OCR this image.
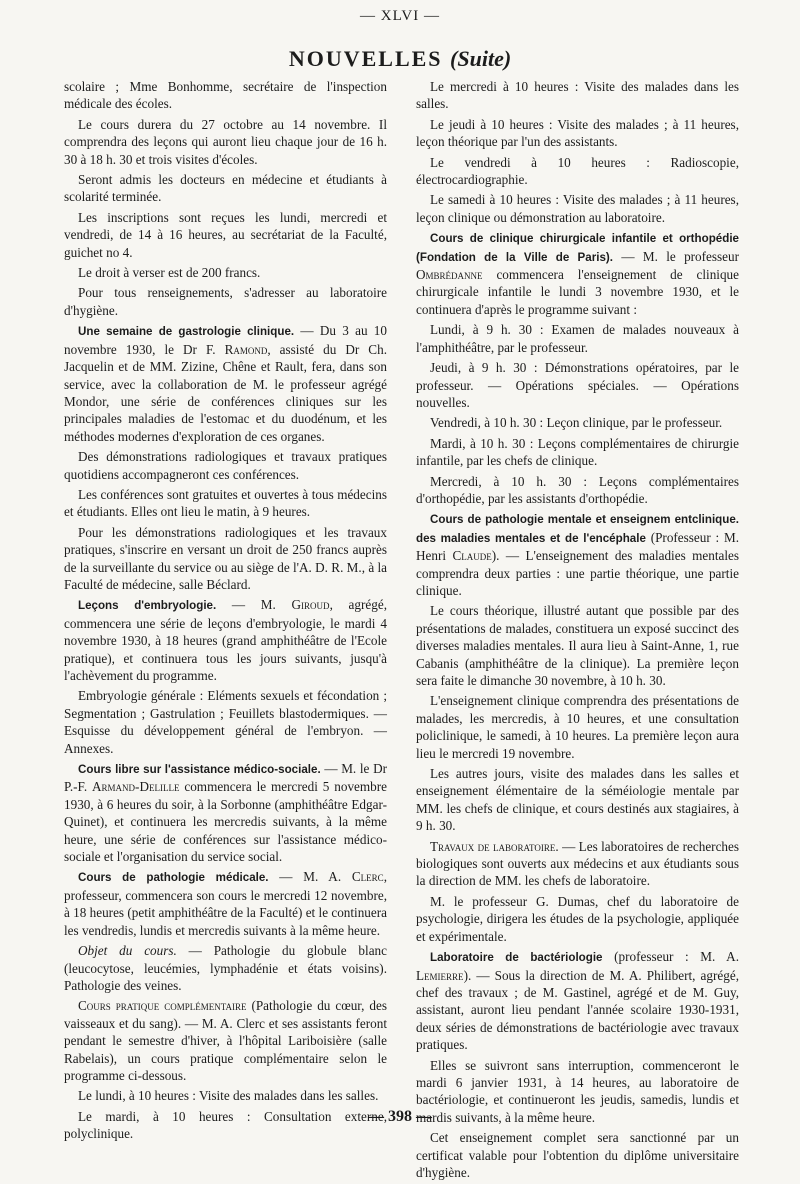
— XLVI —
NOUVELLES (Suite)

scolaire ; Mme Bonhomme, secrétaire de l'inspection médicale des écoles.

Le cours durera du 27 octobre au 14 novembre. Il comprendra des leçons qui auront lieu chaque jour de 16 h. 30 à 18 h. 30 et trois visites d'écoles.

Seront admis les docteurs en médecine et étudiants à scolarité terminée.

Les inscriptions sont reçues les lundi, mercredi et vendredi, de 14 à 16 heures, au secrétariat de la Faculté, guichet no 4.

Le droit à verser est de 200 francs.

Pour tous renseignements, s'adresser au laboratoire d'hygiène.

Une semaine de gastrologie clinique. — Du 3 au 10 novembre 1930, le Dr F. Ramond, assisté du Dr Ch. Jacquelin et de MM. Zizine, Chêne et Rault, fera, dans son service, avec la collaboration de M. le professeur agrégé Mondor, une série de conférences cliniques sur les principales maladies de l'estomac et du duodénum, et les méthodes modernes d'exploration de ces organes.

Des démonstrations radiologiques et travaux pratiques quotidiens accompagneront ces conférences.

Les conférences sont gratuites et ouvertes à tous médecins et étudiants. Elles ont lieu le matin, à 9 heures.

Pour les démonstrations radiologiques et les travaux pratiques, s'inscrire en versant un droit de 250 francs auprès de la surveillante du service ou au siège de l'A. D. R. M., à la Faculté de médecine, salle Béclard.

Leçons d'embryologie. — M. Giroud, agrégé, commencera une série de leçons d'embryologie, le mardi 4 novembre 1930, à 18 heures (grand amphithéâtre de l'Ecole pratique), et continuera tous les jours suivants, jusqu'à l'achèvement du programme.

Embryologie générale : Eléments sexuels et fécondation ; Segmentation ; Gastrulation ; Feuillets blastodermiques. — Esquisse du développement général de l'embryon. — Annexes.

Cours libre sur l'assistance médico-sociale. — M. le Dr P.-F. Armand-Delille commencera le mercredi 5 novembre 1930, à 6 heures du soir, à la Sorbonne (amphithéâtre Edgar-Quinet), et continuera les mercredis suivants, à la même heure, une série de conférences sur l'assistance médico-sociale et l'organisation du service social.

Cours de pathologie médicale. — M. A. Clerc, professeur, commencera son cours le mercredi 12 novembre, à 18 heures (petit amphithéâtre de la Faculté) et le continuera les vendredis, lundis et mercredis suivants à la même heure.

Objet du cours. — Pathologie du globule blanc (leucocytose, leucémies, lymphadénie et états voisins). Pathologie des veines.

Cours pratique complémentaire (Pathologie du cœur, des vaisseaux et du sang). — M. A. Clerc et ses assistants feront pendant le semestre d'hiver, à l'hôpital Lariboisière (salle Rabelais), un cours pratique complémentaire selon le programme ci-dessous.

Le lundi, à 10 heures : Visite des malades dans les salles.

Le mardi, à 10 heures : Consultation externe, polyclinique.

Le mercredi à 10 heures : Visite des malades dans les salles.

Le jeudi à 10 heures : Visite des malades ; à 11 heures, leçon théorique par l'un des assistants.

Le vendredi à 10 heures : Radioscopie, électrocardiographie.

Le samedi à 10 heures : Visite des malades ; à 11 heures, leçon clinique ou démonstration au laboratoire.

Cours de clinique chirurgicale infantile et orthopédie (Fondation de la Ville de Paris). — M. le professeur Ombrédanne commencera l'enseignement de clinique chirurgicale infantile le lundi 3 novembre 1930, et le continuera d'après le programme suivant :

Lundi, à 9 h. 30 : Examen de malades nouveaux à l'amphithéâtre, par le professeur.

Jeudi, à 9 h. 30 : Démonstrations opératoires, par le professeur. — Opérations spéciales. — Opérations nouvelles.

Vendredi, à 10 h. 30 : Leçon clinique, par le professeur.

Mardi, à 10 h. 30 : Leçons complémentaires de chirurgie infantile, par les chefs de clinique.

Mercredi, à 10 h. 30 : Leçons complémentaires d'orthopédie, par les assistants d'orthopédie.

Cours de pathologie mentale et enseignem entclinique. des maladies mentales et de l'encéphale (Professeur : M. Henri Claude). — L'enseignement des maladies mentales comprendra deux parties : une partie théorique, une partie clinique.

Le cours théorique, illustré autant que possible par des présentations de malades, constituera un exposé succinct des diverses maladies mentales. Il aura lieu à Saint-Anne, 1, rue Cabanis (amphithéâtre de la clinique). La première leçon sera faite le dimanche 30 novembre, à 10 h. 30.

L'enseignement clinique comprendra des présentations de malades, les mercredis, à 10 heures, et une consultation policlinique, le samedi, à 10 heures. La première leçon aura lieu le mercredi 19 novembre.

Les autres jours, visite des malades dans les salles et enseignement élémentaire de la séméiologie mentale par MM. les chefs de clinique, et cours destinés aux stagiaires, à 9 h. 30.

Travaux de laboratoire. — Les laboratoires de recherches biologiques sont ouverts aux médecins et aux étudiants sous la direction de MM. les chefs de laboratoire.

M. le professeur G. Dumas, chef du laboratoire de psychologie, dirigera les études de la psychologie, appliquée et expérimentale.

Laboratoire de bactériologie (professeur : M. A. Lemierre). — Sous la direction de M. A. Philibert, agrégé, chef des travaux ; de M. Gastinel, agrégé et de M. Guy, assistant, auront lieu pendant l'année scolaire 1930-1931, deux séries de démonstrations de bactériologie avec travaux pratiques.

Elles se suivront sans interruption, commenceront le mardi 6 janvier 1931, à 14 heures, au laboratoire de bactériologie, et continueront les jeudis, samedis, lundis et mardis suivants, à la même heure.

Cet enseignement complet sera sanctionné par un certificat valable pour l'obtention du diplôme universitaire d'hygiène.

— 398 —
